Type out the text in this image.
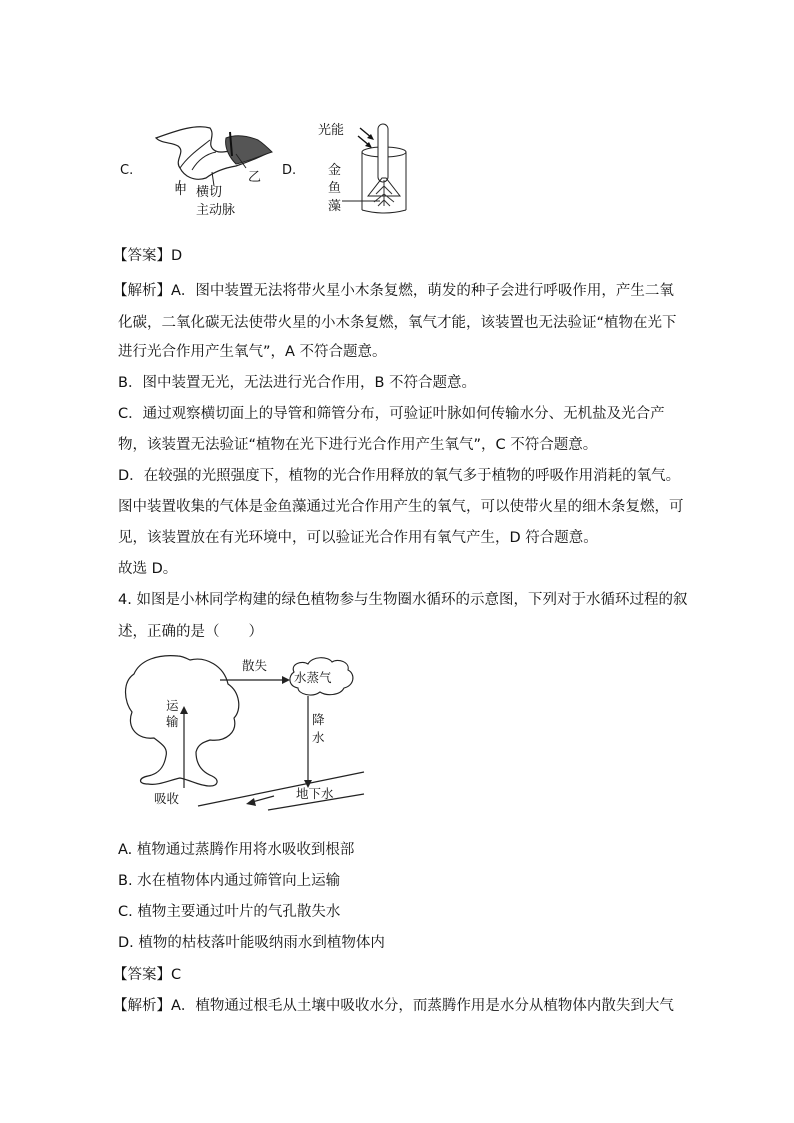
C.
甲
乙
横切
主动脉
D.
光能
金
鱼
藻
【答案】D
【解析】A．图中装置无法将带火星小木条复燃，萌发的种子会进行呼吸作用，产生二氧
化碳，二氧化碳无法使带火星的小木条复燃，氧气才能，该装置也无法验证“植物在光下
进行光合作用产生氧气”，A 不符合题意。
B．图中装置无光，无法进行光合作用，B 不符合题意。
C．通过观察横切面上的导管和筛管分布，可验证叶脉如何传输水分、无机盐及光合产
物，该装置无法验证“植物在光下进行光合作用产生氧气”，C 不符合题意。
D．在较强的光照强度下，植物的光合作用释放的氧气多于植物的呼吸作用消耗的氧气。
图中装置收集的气体是金鱼藻通过光合作用产生的氧气，可以使带火星的细木条复燃，可
见，该装置放在有光环境中，可以验证光合作用有氧气产生，D 符合题意。
故选 D。
4. 如图是小林同学构建的绿色植物参与生物圈水循环的示意图，下列对于水循环过程的叙
述，正确的是（　　）
运
输
吸收
散失
水蒸气
降
水
地下水
A. 植物通过蒸腾作用将水吸收到根部
B. 水在植物体内通过筛管向上运输
C. 植物主要通过叶片的气孔散失水
D. 植物的枯枝落叶能吸纳雨水到植物体内
【答案】C
【解析】A．植物通过根毛从土壤中吸收水分，而蒸腾作用是水分从植物体内散失到大气
